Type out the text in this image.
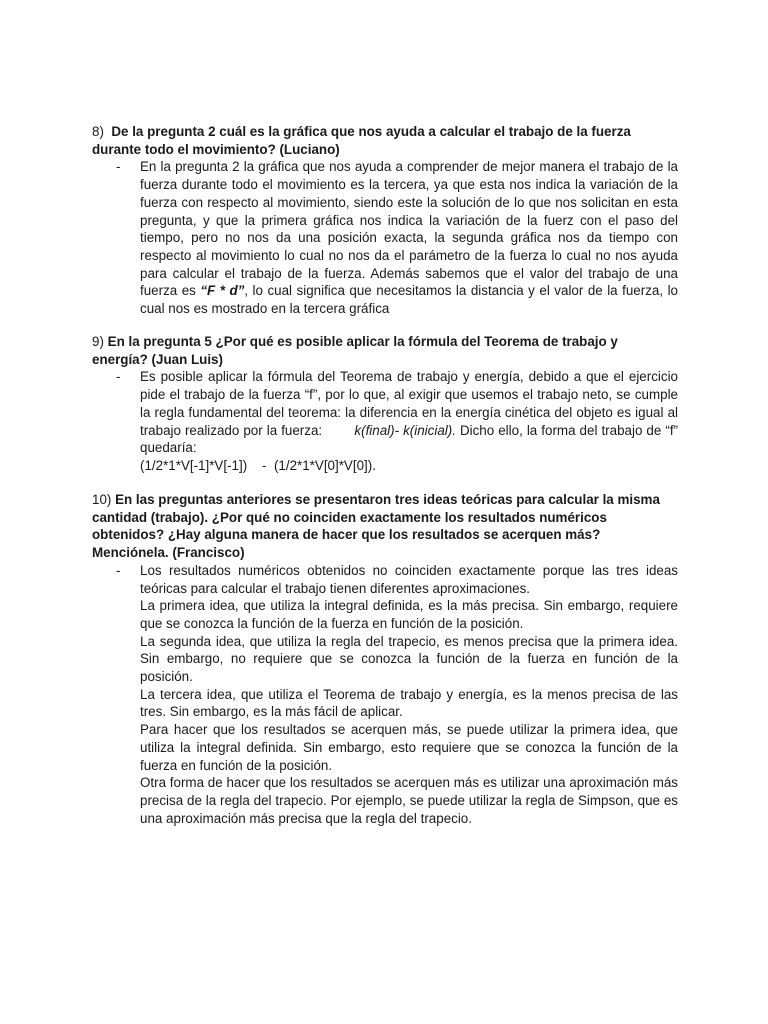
8) De la pregunta 2 cuál es la gráfica que nos ayuda a calcular el trabajo de la fuerza durante todo el movimiento? (Luciano)

- En la pregunta 2 la gráfica que nos ayuda a comprender de mejor manera el trabajo de la fuerza durante todo el movimiento es la tercera, ya que esta nos indica la variación de la fuerza con respecto al movimiento, siendo este la solución de lo que nos solicitan en esta pregunta, y que la primera gráfica nos indica la variación de la fuerz con el paso del tiempo, pero no nos da una posición exacta, la segunda gráfica nos da tiempo con respecto al movimiento lo cual no nos da el parámetro de la fuerza lo cual no nos ayuda para calcular el trabajo de la fuerza. Además sabemos que el valor del trabajo de una fuerza es “F * d”, lo cual significa que necesitamos la distancia y el valor de la fuerza, lo cual nos es mostrado en la tercera gráfica

9) En la pregunta 5 ¿Por qué es posible aplicar la fórmula del Teorema de trabajo y energía? (Juan Luis)

- Es posible aplicar la fórmula del Teorema de trabajo y energía, debido a que el ejercicio pide el trabajo de la fuerza “f”, por lo que, al exigir que usemos el trabajo neto, se cumple la regla fundamental del teorema: la diferencia en la energía cinética del objeto es igual al trabajo realizado por la fuerza: k(final)- k(inicial). Dicho ello, la forma del trabajo de “f” quedaría:

(1/2*1*V[-1]*V[-1])    -  (1/2*1*V[0]*V[0]).

10) En las preguntas anteriores se presentaron tres ideas teóricas para calcular la misma cantidad (trabajo). ¿Por qué no coinciden exactamente los resultados numéricos obtenidos? ¿Hay alguna manera de hacer que los resultados se acerquen más? Menciónela. (Francisco)

- Los resultados numéricos obtenidos no coinciden exactamente porque las tres ideas teóricas para calcular el trabajo tienen diferentes aproximaciones.

La primera idea, que utiliza la integral definida, es la más precisa. Sin embargo, requiere que se conozca la función de la fuerza en función de la posición.

La segunda idea, que utiliza la regla del trapecio, es menos precisa que la primera idea. Sin embargo, no requiere que se conozca la función de la fuerza en función de la posición.

La tercera idea, que utiliza el Teorema de trabajo y energía, es la menos precisa de las tres. Sin embargo, es la más fácil de aplicar.

Para hacer que los resultados se acerquen más, se puede utilizar la primera idea, que utiliza la integral definida. Sin embargo, esto requiere que se conozca la función de la fuerza en función de la posición.

Otra forma de hacer que los resultados se acerquen más es utilizar una aproximación más precisa de la regla del trapecio. Por ejemplo, se puede utilizar la regla de Simpson, que es una aproximación más precisa que la regla del trapecio.
